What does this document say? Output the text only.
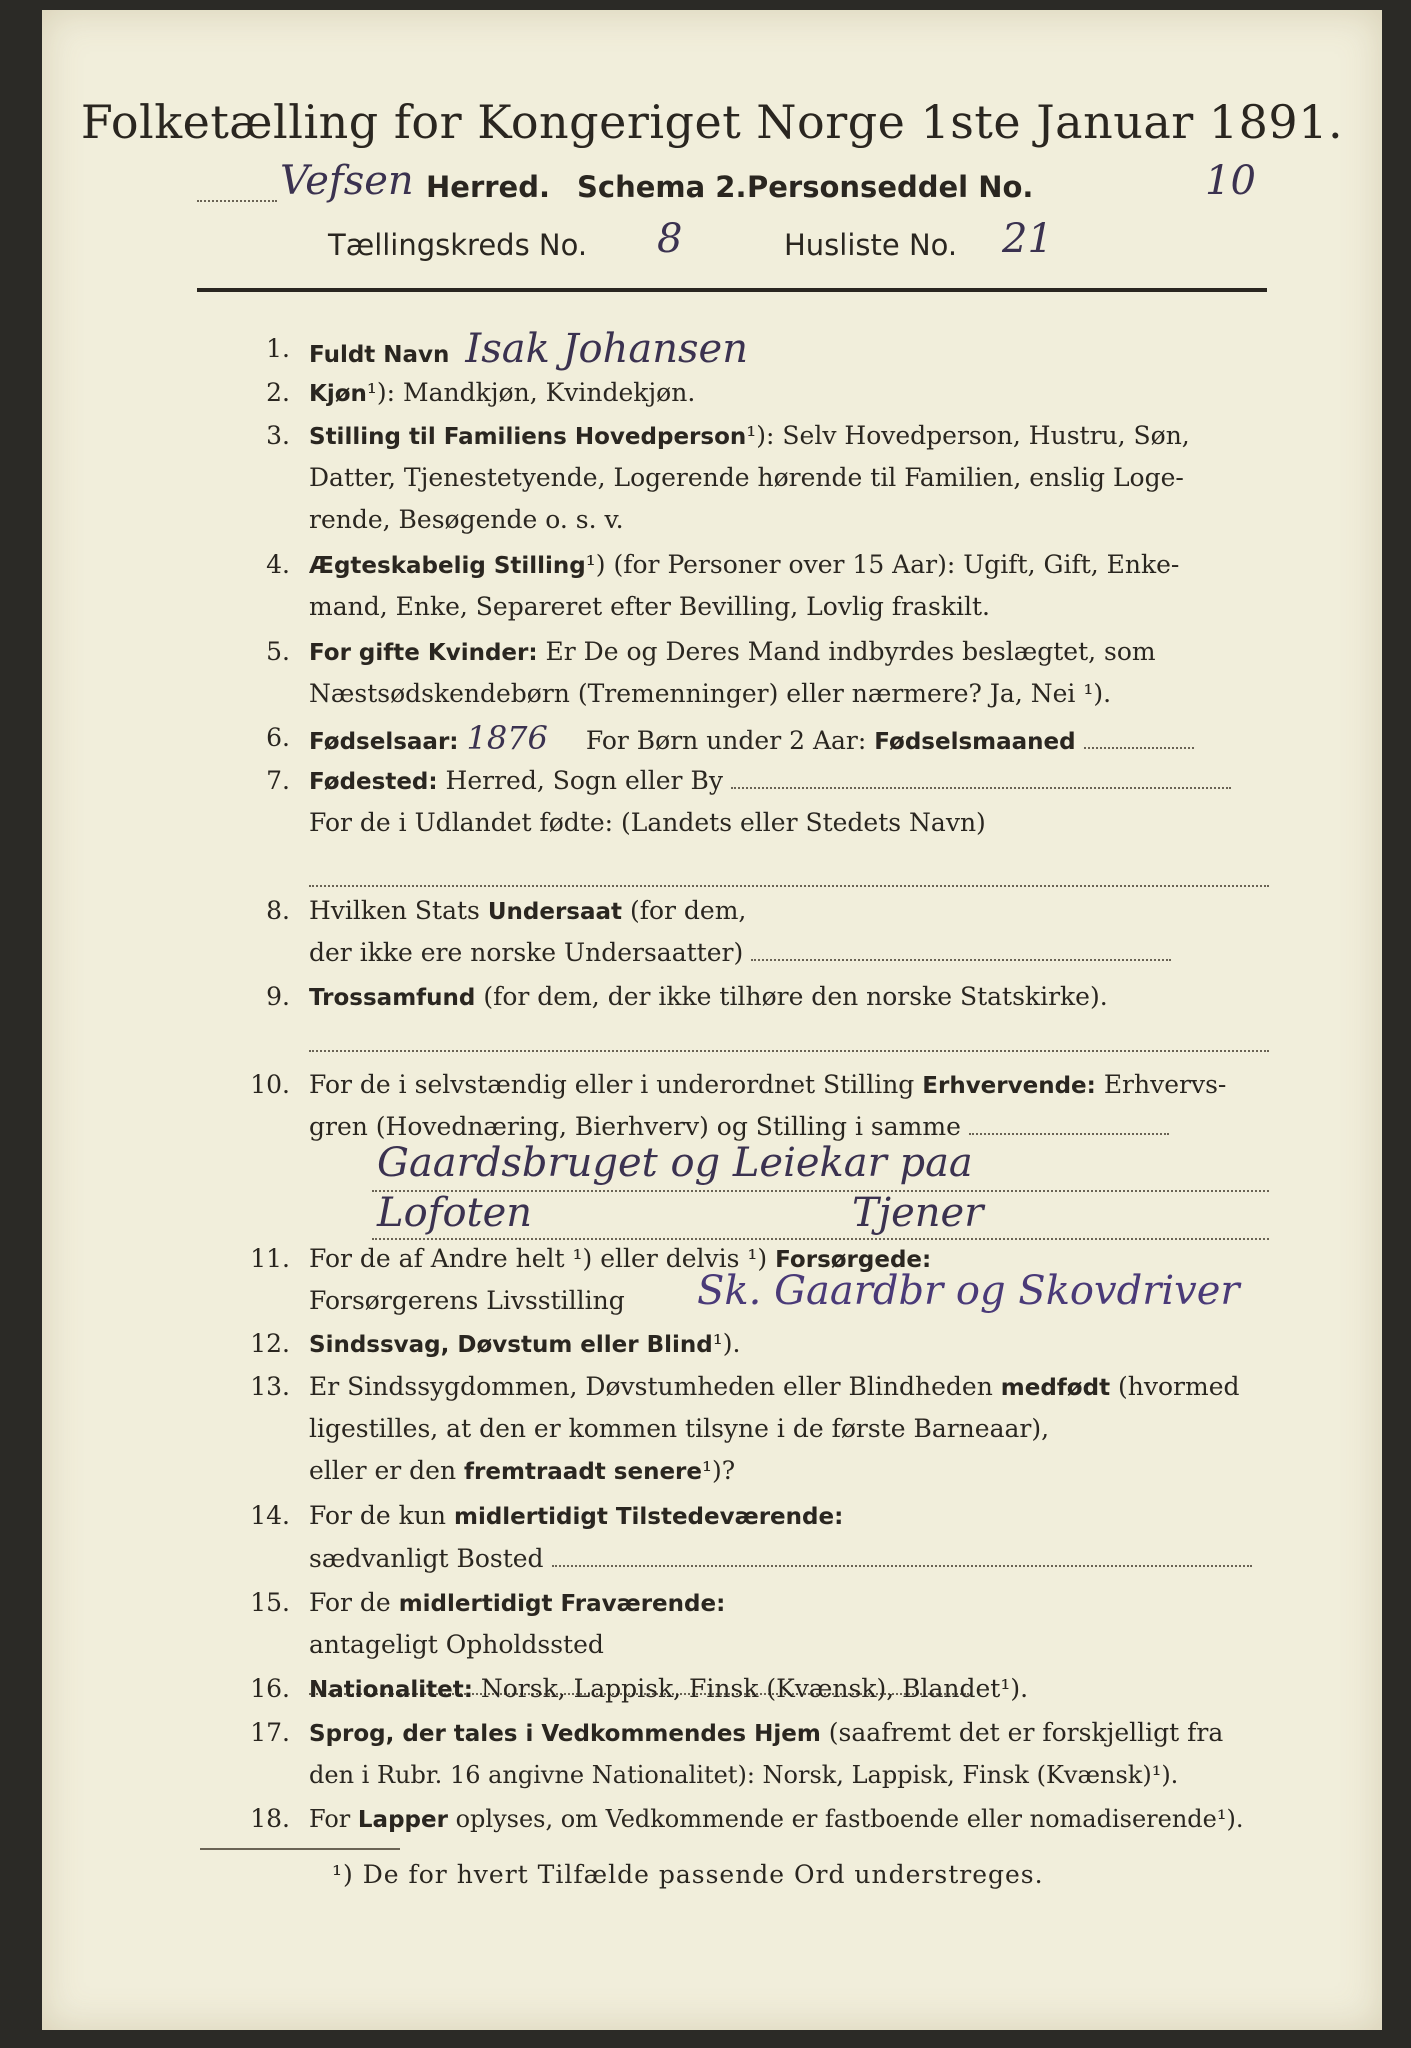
Folketælling for Kongeriget Norge 1ste Januar 1891.
Vefsen Herred. Schema 2. Personseddel No.	10
Tællingskreds No. 8	Husliste No. 21
1. Fuldt Navn Isak Johansen
2. Kjøn¹): Mandkjøn, Kvindekjøn.
3. Stilling til Familiens Hovedperson¹): Selv Hovedperson, Hustru, Søn,
Datter, Tjenestetyende, Logerende hørende til Familien, enslig Loge-
rende, Besøgende o. s. v.
4. Ægteskabelig Stilling¹) (for Personer over 15 Aar): Ugift, Gift, Enke-
mand, Enke, Separeret efter Bevilling, Lovlig fraskilt.
5. For gifte Kvinder: Er De og Deres Mand indbyrdes beslægtet, som
Næstsødskendebørn (Tremenninger) eller nærmere? Ja, Nei ¹).
6. Fødselsaar: 1876 For Børn under 2 Aar: Fødselsmaaned
7. Fødested: Herred, Sogn eller By
For de i Udlandet fødte: (Landets eller Stedets Navn)
8. Hvilken Stats Undersaat (for dem,
der ikke ere norske Undersaatter)
9. Trossamfund (for dem, der ikke tilhøre den norske Statskirke).
10. For de i selvstændig eller i underordnet Stilling Erhvervende: Erhvervs-
gren (Hovednæring, Bierhverv) og Stilling i samme
Gaardsbruget og Leiekar paa
Lofoten	Tjener
11. For de af Andre helt ¹) eller delvis ¹) Forsørgede:
Forsørgerens Livsstilling	Sk. Gaardbr og Skovdriver
12. Sindssvag, Døvstum eller Blind¹).
13. Er Sindssygdommen, Døvstumheden eller Blindheden medfødt (hvormed
ligestilles, at den er kommen tilsyne i de første Barneaar),
eller er den fremtraadt senere¹)?
14. For de kun midlertidigt Tilstedeværende:
sædvanligt Bosted
15. For de midlertidigt Fraværende:
antageligt Opholdssted
16. Nationalitet: Norsk, Lappisk, Finsk (Kvænsk), Blandet¹).
17. Sprog, der tales i Vedkommendes Hjem (saafremt det er forskjelligt fra
den i Rubr. 16 angivne Nationalitet): Norsk, Lappisk, Finsk (Kvænsk)¹).
18. For Lapper oplyses, om Vedkommende er fastboende eller nomadiserende¹).
¹) De for hvert Tilfælde passende Ord understreges.
